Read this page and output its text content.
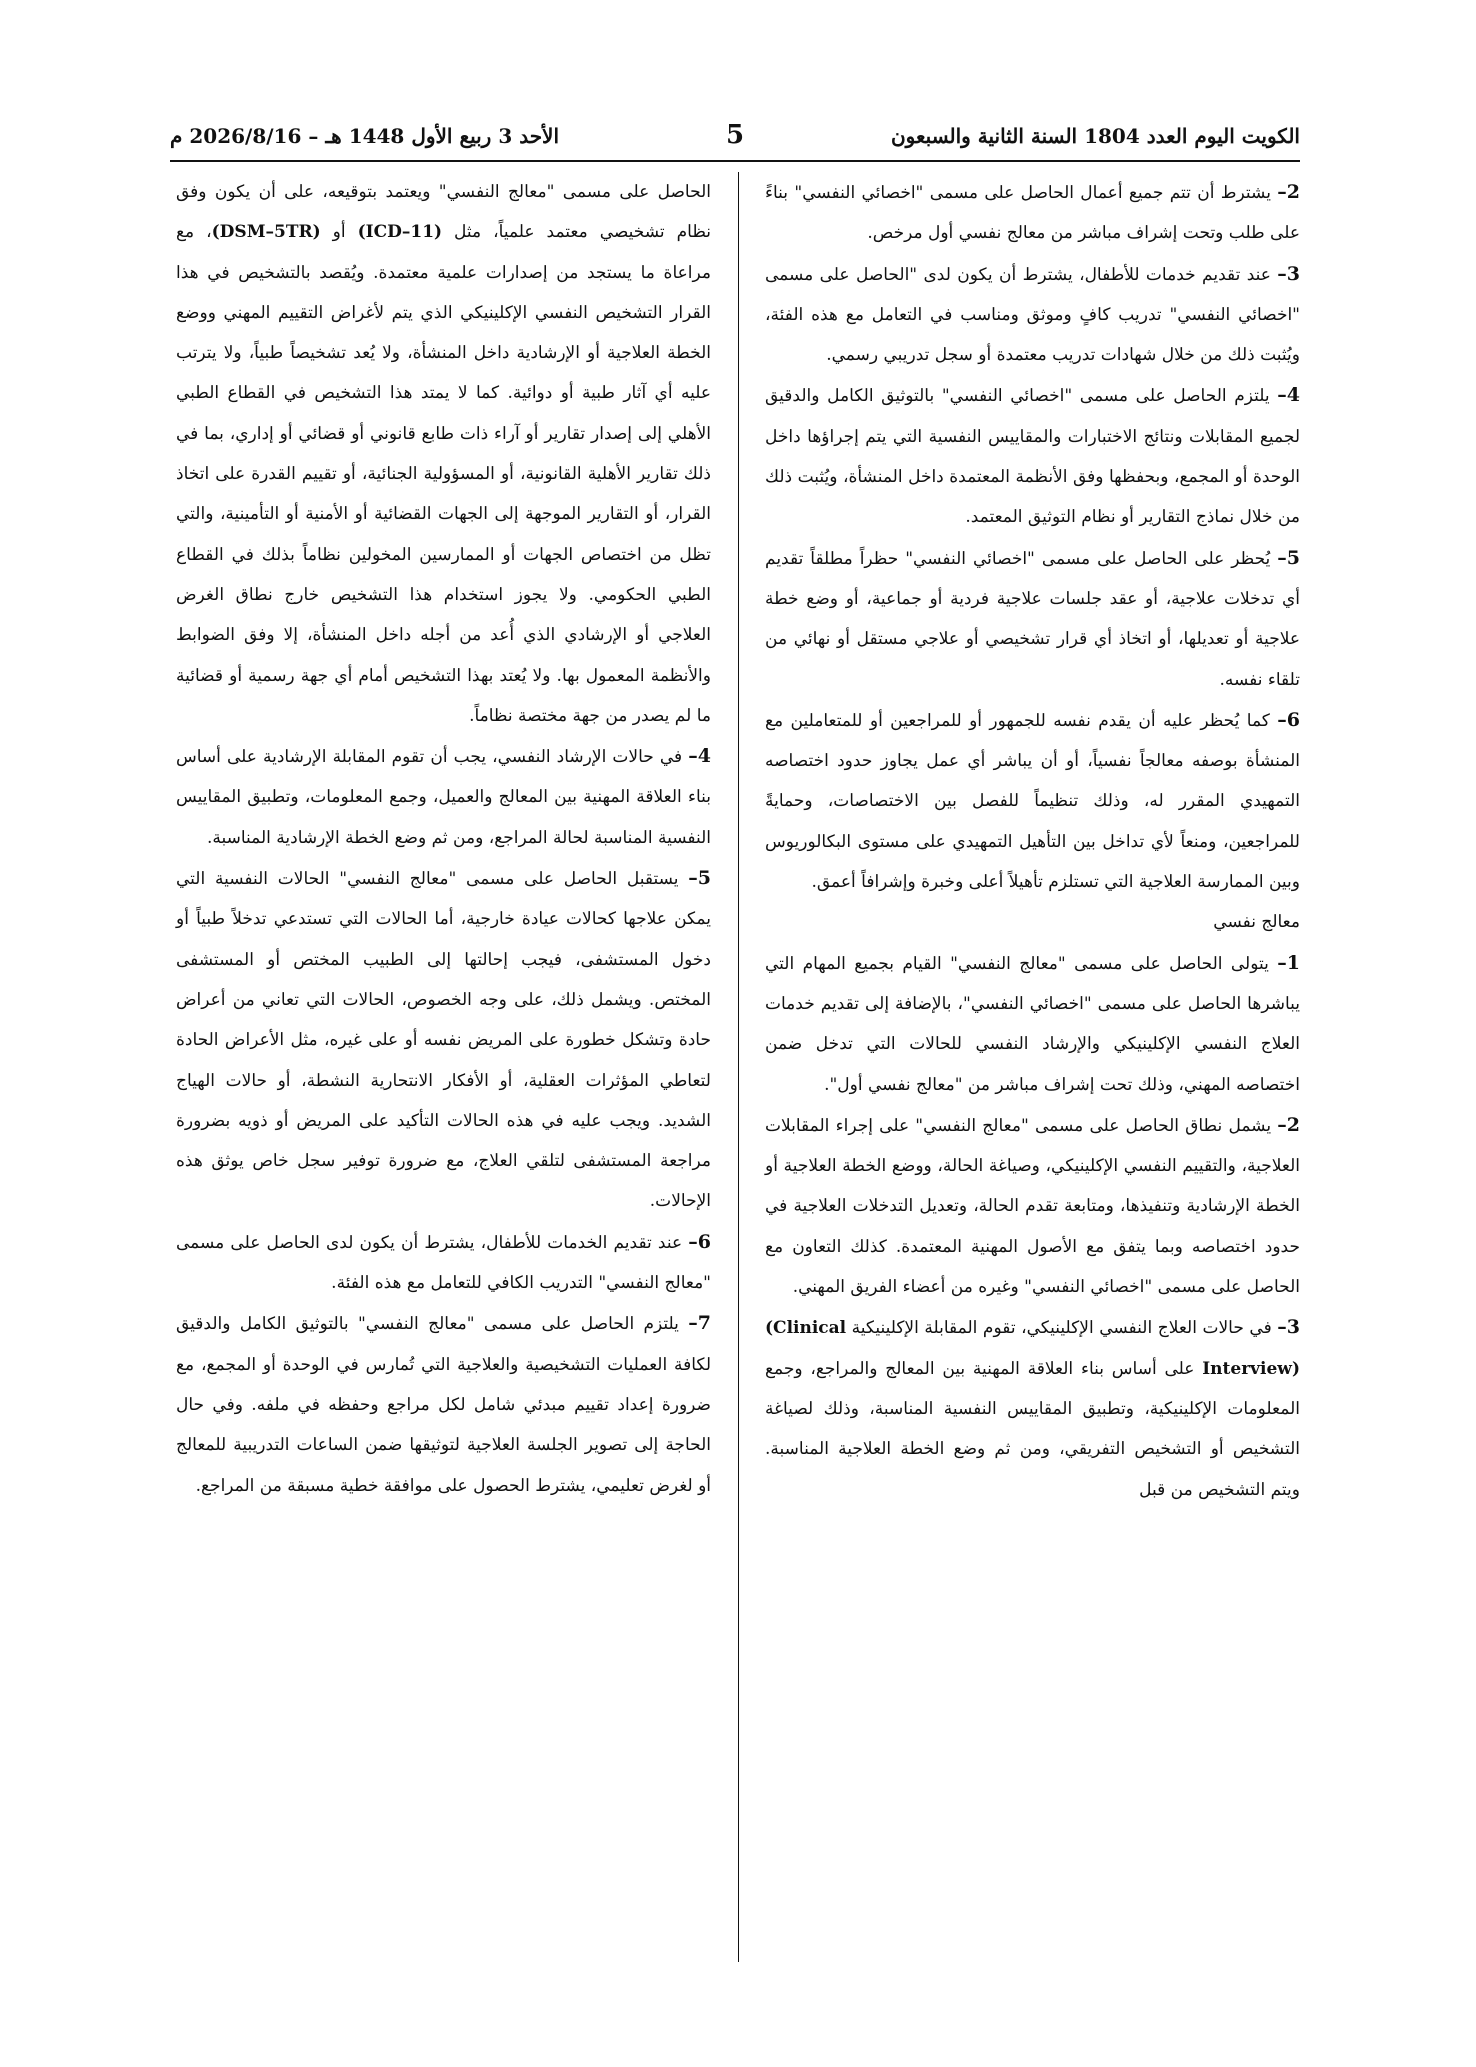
الكويت اليوم العدد 1804 السنة الثانية والسبعون
5
الأحد 3 ربيع الأول 1448 هـ – 2026/8/16 م

2– يشترط أن تتم جميع أعمال الحاصل على مسمى "اخصائي النفسي" بناءً على طلب وتحت إشراف مباشر من معالج نفسي أول مرخص.

3– عند تقديم خدمات للأطفال، يشترط أن يكون لدى "الحاصل على مسمى "اخصائي النفسي" تدريب كافٍ وموثق ومناسب في التعامل مع هذه الفئة، ويُثبت ذلك من خلال شهادات تدريب معتمدة أو سجل تدريبي رسمي.

4– يلتزم الحاصل على مسمى "اخصائي النفسي" بالتوثيق الكامل والدقيق لجميع المقابلات ونتائج الاختبارات والمقاييس النفسية التي يتم إجراؤها داخل الوحدة أو المجمع، وبحفظها وفق الأنظمة المعتمدة داخل المنشأة، ويُثبت ذلك من خلال نماذج التقارير أو نظام التوثيق المعتمد.

5– يُحظر على الحاصل على مسمى "اخصائي النفسي" حظراً مطلقاً تقديم أي تدخلات علاجية، أو عقد جلسات علاجية فردية أو جماعية، أو وضع خطة علاجية أو تعديلها، أو اتخاذ أي قرار تشخيصي أو علاجي مستقل أو نهائي من تلقاء نفسه.

6– كما يُحظر عليه أن يقدم نفسه للجمهور أو للمراجعين أو للمتعاملين مع المنشأة بوصفه معالجاً نفسياً، أو أن يباشر أي عمل يجاوز حدود اختصاصه التمهيدي المقرر له، وذلك تنظيماً للفصل بين الاختصاصات، وحمايةً للمراجعين، ومنعاً لأي تداخل بين التأهيل التمهيدي على مستوى البكالوريوس وبين الممارسة العلاجية التي تستلزم تأهيلاً أعلى وخبرة وإشرافاً أعمق.

معالج نفسي

1– يتولى الحاصل على مسمى "معالج النفسي" القيام بجميع المهام التي يباشرها الحاصل على مسمى "اخصائي النفسي"، بالإضافة إلى تقديم خدمات العلاج النفسي الإكلينيكي والإرشاد النفسي للحالات التي تدخل ضمن اختصاصه المهني، وذلك تحت إشراف مباشر من "معالج نفسي أول".

2– يشمل نطاق الحاصل على مسمى "معالج النفسي" على إجراء المقابلات العلاجية، والتقييم النفسي الإكلينيكي، وصياغة الحالة، ووضع الخطة العلاجية أو الخطة الإرشادية وتنفيذها، ومتابعة تقدم الحالة، وتعديل التدخلات العلاجية في حدود اختصاصه وبما يتفق مع الأصول المهنية المعتمدة. كذلك التعاون مع الحاصل على مسمى "اخصائي النفسي" وغيره من أعضاء الفريق المهني.

3– في حالات العلاج النفسي الإكلينيكي، تقوم المقابلة الإكلينيكية (Clinical Interview) على أساس بناء العلاقة المهنية بين المعالج والمراجع، وجمع المعلومات الإكلينيكية، وتطبيق المقاييس النفسية المناسبة، وذلك لصياغة التشخيص أو التشخيص التفريقي، ومن ثم وضع الخطة العلاجية المناسبة. ويتم التشخيص من قبل

الحاصل على مسمى "معالج النفسي" ويعتمد بتوقيعه، على أن يكون وفق نظام تشخيصي معتمد علمياً، مثل (ICD–11) أو (DSM–5TR)، مع مراعاة ما يستجد من إصدارات علمية معتمدة. ويُقصد بالتشخيص في هذا القرار التشخيص النفسي الإكلينيكي الذي يتم لأغراض التقييم المهني ووضع الخطة العلاجية أو الإرشادية داخل المنشأة، ولا يُعد تشخيصاً طبياً، ولا يترتب عليه أي آثار طبية أو دوائية. كما لا يمتد هذا التشخيص في القطاع الطبي الأهلي إلى إصدار تقارير أو آراء ذات طابع قانوني أو قضائي أو إداري، بما في ذلك تقارير الأهلية القانونية، أو المسؤولية الجنائية، أو تقييم القدرة على اتخاذ القرار، أو التقارير الموجهة إلى الجهات القضائية أو الأمنية أو التأمينية، والتي تظل من اختصاص الجهات أو الممارسين المخولين نظاماً بذلك في القطاع الطبي الحكومي. ولا يجوز استخدام هذا التشخيص خارج نطاق الغرض العلاجي أو الإرشادي الذي أُعد من أجله داخل المنشأة، إلا وفق الضوابط والأنظمة المعمول بها. ولا يُعتد بهذا التشخيص أمام أي جهة رسمية أو قضائية ما لم يصدر من جهة مختصة نظاماً.

4– في حالات الإرشاد النفسي، يجب أن تقوم المقابلة الإرشادية على أساس بناء العلاقة المهنية بين المعالج والعميل، وجمع المعلومات، وتطبيق المقاييس النفسية المناسبة لحالة المراجع، ومن ثم وضع الخطة الإرشادية المناسبة.

5– يستقبل الحاصل على مسمى "معالج النفسي" الحالات النفسية التي يمكن علاجها كحالات عيادة خارجية، أما الحالات التي تستدعي تدخلاً طبياً أو دخول المستشفى، فيجب إحالتها إلى الطبيب المختص أو المستشفى المختص. ويشمل ذلك، على وجه الخصوص، الحالات التي تعاني من أعراض حادة وتشكل خطورة على المريض نفسه أو على غيره، مثل الأعراض الحادة لتعاطي المؤثرات العقلية، أو الأفكار الانتحارية النشطة، أو حالات الهياج الشديد. ويجب عليه في هذه الحالات التأكيد على المريض أو ذويه بضرورة مراجعة المستشفى لتلقي العلاج، مع ضرورة توفير سجل خاص يوثق هذه الإحالات.

6– عند تقديم الخدمات للأطفال، يشترط أن يكون لدى الحاصل على مسمى "معالج النفسي" التدريب الكافي للتعامل مع هذه الفئة.

7– يلتزم الحاصل على مسمى "معالج النفسي" بالتوثيق الكامل والدقيق لكافة العمليات التشخيصية والعلاجية التي تُمارس في الوحدة أو المجمع، مع ضرورة إعداد تقييم مبدئي شامل لكل مراجع وحفظه في ملفه. وفي حال الحاجة إلى تصوير الجلسة العلاجية لتوثيقها ضمن الساعات التدريبية للمعالج أو لغرض تعليمي، يشترط الحصول على موافقة خطية مسبقة من المراجع.
